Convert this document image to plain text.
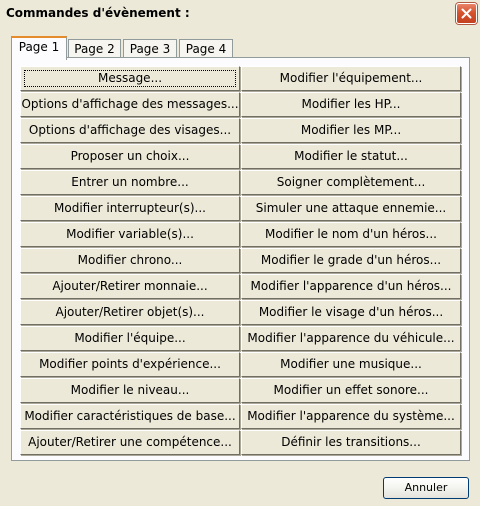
Commandes d'évènement :
Page 1	Page 2	Page 3	Page 4
Message...
Options d'affichage des messages...
Options d'affichage des visages...
Proposer un choix...
Entrer un nombre...
Modifier interrupteur(s)...
Modifier variable(s)...
Modifier chrono...
Ajouter/Retirer monnaie...
Ajouter/Retirer objet(s)...
Modifier l'équipe...
Modifier points d'expérience...
Modifier le niveau...
Modifier caractéristiques de base...
Ajouter/Retirer une compétence...
Modifier l'équipement...
Modifier les HP...
Modifier les MP...
Modifier le statut...
Soigner complètement...
Simuler une attaque ennemie...
Modifier le nom d'un héros...
Modifier le grade d'un héros...
Modifier l'apparence d'un héros...
Modifier le visage d'un héros...
Modifier l'apparence du véhicule...
Modifier une musique...
Modifier un effet sonore...
Modifier l'apparence du système...
Définir les transitions...
Annuler
